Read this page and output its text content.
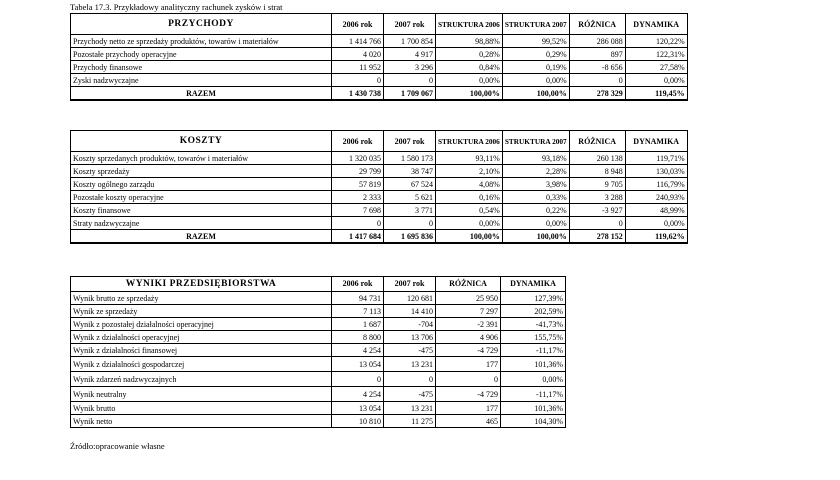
Tabela 17.3. Przykładowy analityczny rachunek zysków i strat
PRZYCHODY	2006 rok	2007 rok	STRUKTURA 2006	STRUKTURA 2007	RÓŻNICA	DYNAMIKA
Przychody netto ze sprzedaży produktów, towarów i materiałów	1 414 766	1 700 854	98,88%	99,52%	286 088	120,22%
Pozostałe przychody operacyjne	4 020	4 917	0,28%	0,29%	897	122,31%
Przychody finansowe	11 952	3 296	0,84%	0,19%	-8 656	27,58%
Zyski nadzwyczajne	0	0	0,00%	0,00%	0	0,00%
RAZEM	1 430 738	1 709 067	100,00%	100,00%	278 329	119,45%
KOSZTY	2006 rok	2007 rok	STRUKTURA 2006	STRUKTURA 2007	RÓŻNICA	DYNAMIKA
Koszty sprzedanych produktów, towarów i materiałów	1 320 035	1 580 173	93,11%	93,18%	260 138	119,71%
Koszty sprzedaży	29 799	38 747	2,10%	2,28%	8 948	130,03%
Koszty ogólnego zarządu	57 819	67 524	4,08%	3,98%	9 705	116,79%
Pozostałe koszty operacyjne	2 333	5 621	0,16%	0,33%	3 288	240,93%
Koszty finansowe	7 698	3 771	0,54%	0,22%	-3 927	48,99%
Straty nadzwyczajne	0	0	0,00%	0,00%	0	0,00%
RAZEM	1 417 684	1 695 836	100,00%	100,00%	278 152	119,62%
WYNIKI PRZEDSIĘBIORSTWA	2006 rok	2007 rok	RÓŻNICA	DYNAMIKA
Wynik brutto ze sprzedaży	94 731	120 681	25 950	127,39%
Wynik ze sprzedaży	7 113	14 410	7 297	202,59%
Wynik z pozostałej działalności operacyjnej	1 687	-704	-2 391	-41,73%
Wynik z działalności operacyjnej	8 800	13 706	4 906	155,75%
Wynik z działalności finansowej	4 254	-475	-4 729	-11,17%
Wynik z działalności gospodarczej	13 054	13 231	177	101,36%
Wynik zdarzeń nadzwyczajnych	0	0	0	0,00%
Wynik neutralny	4 254	-475	-4 729	-11,17%
Wynik brutto	13 054	13 231	177	101,36%
Wynik netto	10 810	11 275	465	104,30%
Źródło:opracowanie własne
